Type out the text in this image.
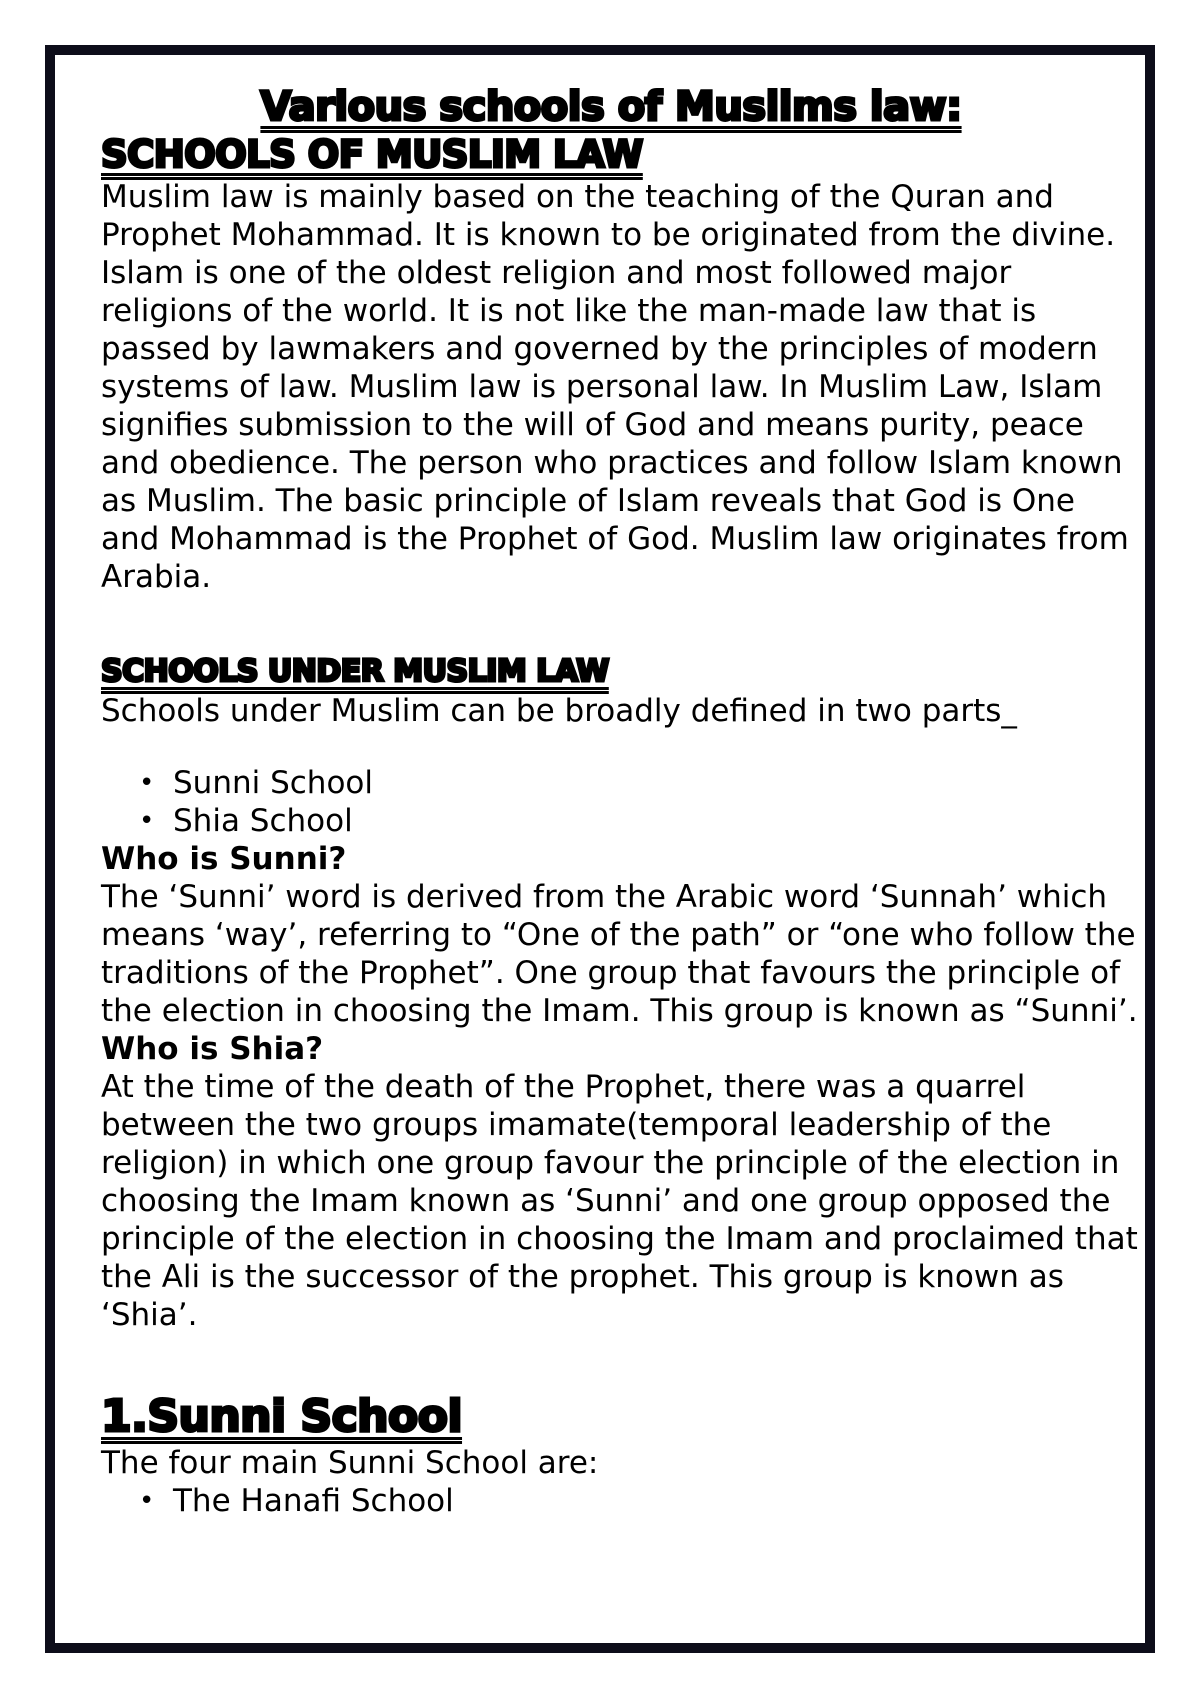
Various schools of Muslims law:
SCHOOLS OF MUSLIM LAW

Muslim law is mainly based on the teaching of the Quran and Prophet Mohammad. It is known to be originated from the divine. Islam is one of the oldest religion and most followed major religions of the world. It is not like the man-made law that is passed by lawmakers and governed by the principles of modern systems of law. Muslim law is personal law. In Muslim Law, Islam signifies submission to the will of God and means purity, peace and obedience. The person who practices and follow Islam known as Muslim. The basic principle of Islam reveals that God is One and Mohammad is the Prophet of God. Muslim law originates from Arabia.

SCHOOLS UNDER MUSLIM LAW

Schools under Muslim can be broadly defined in two parts_

• Sunni School
• Shia School

Who is Sunni?

The ‘Sunni’ word is derived from the Arabic word ‘Sunnah’ which means ‘way’, referring to “One of the path” or “one who follow the traditions of the Prophet”. One group that favours the principle of the election in choosing the Imam. This group is known as “Sunni’.

Who is Shia?

At the time of the death of the Prophet, there was a quarrel between the two groups imamate(temporal leadership of the religion) in which one group favour the principle of the election in choosing the Imam known as ‘Sunni’ and one group opposed the principle of the election in choosing the Imam and proclaimed that the Ali is the successor of the prophet. This group is known as ‘Shia’.

1.Sunni School

The four main Sunni School are:

• The Hanafi School
